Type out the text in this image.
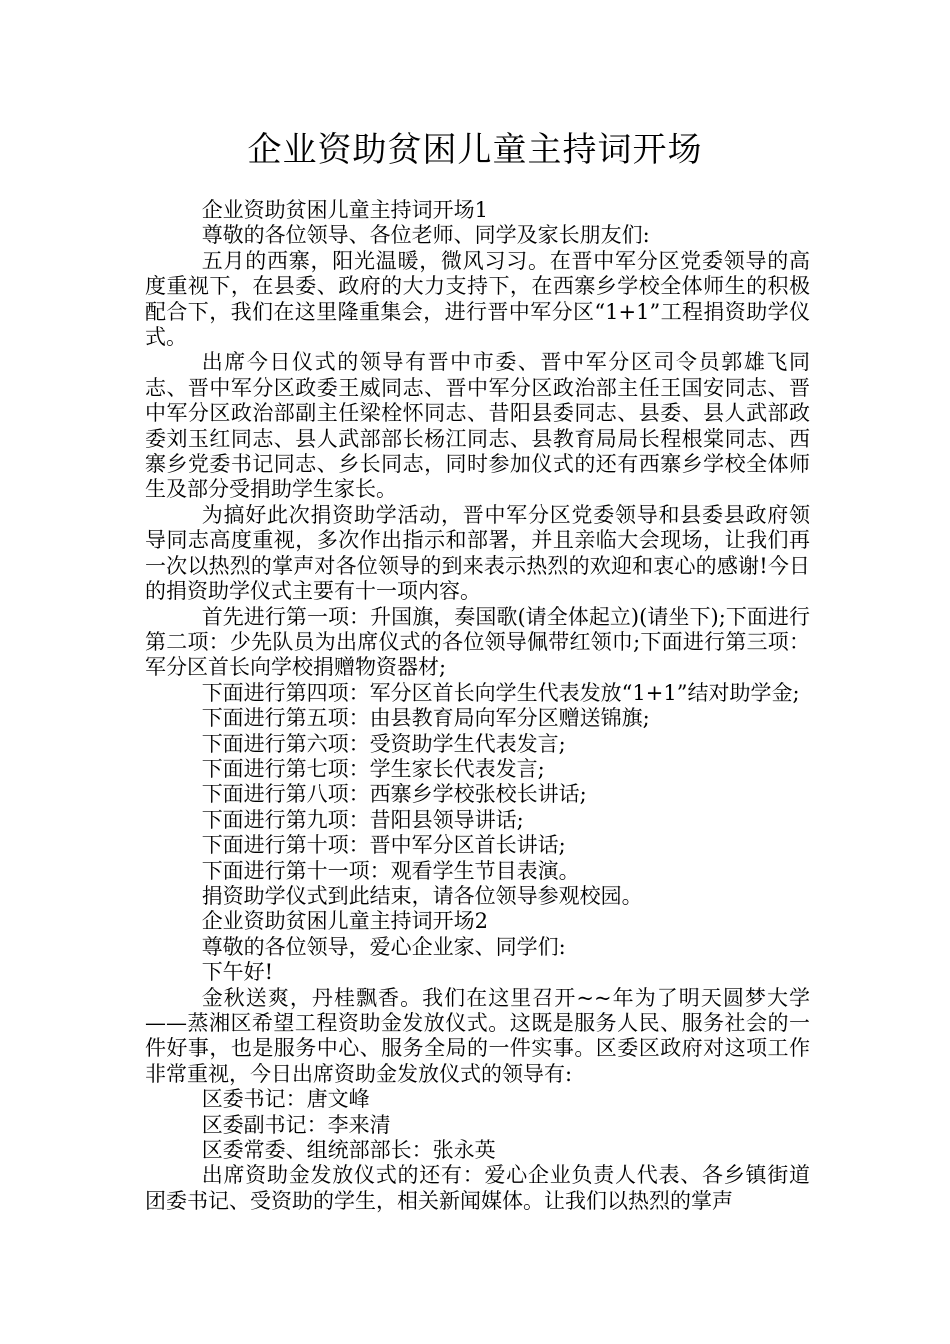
企业资助贫困儿童主持词开场

企业资助贫困儿童主持词开场1

尊敬的各位领导、各位老师、同学及家长朋友们:

五月的西寨，阳光温暖，微风习习。在晋中军分区党委领导的高度重视下，在县委、政府的大力支持下，在西寨乡学校全体师生的积极配合下，我们在这里隆重集会，进行晋中军分区“1+1”工程捐资助学仪式。

出席今日仪式的领导有晋中市委、晋中军分区司令员郭雄飞同志、晋中军分区政委王威同志、晋中军分区政治部主任王国安同志、晋中军分区政治部副主任梁栓怀同志、昔阳县委同志、县委、县人武部政委刘玉红同志、县人武部部长杨江同志、县教育局局长程根棠同志、西寨乡党委书记同志、乡长同志，同时参加仪式的还有西寨乡学校全体师生及部分受捐助学生家长。

为搞好此次捐资助学活动，晋中军分区党委领导和县委县政府领导同志高度重视，多次作出指示和部署，并且亲临大会现场，让我们再一次以热烈的掌声对各位领导的到来表示热烈的欢迎和衷心的感谢!今日的捐资助学仪式主要有十一项内容。

首先进行第一项：升国旗，奏国歌(请全体起立)(请坐下);下面进行第二项：少先队员为出席仪式的各位领导佩带红领巾;下面进行第三项：军分区首长向学校捐赠物资器材;

下面进行第四项：军分区首长向学生代表发放“1+1”结对助学金;

下面进行第五项：由县教育局向军分区赠送锦旗;

下面进行第六项：受资助学生代表发言;

下面进行第七项：学生家长代表发言;

下面进行第八项：西寨乡学校张校长讲话;

下面进行第九项：昔阳县领导讲话;

下面进行第十项：晋中军分区首长讲话;

下面进行第十一项：观看学生节目表演。

捐资助学仪式到此结束，请各位领导参观校园。

企业资助贫困儿童主持词开场2

尊敬的各位领导，爱心企业家、同学们:

下午好!

金秋送爽，丹桂飘香。我们在这里召开~~年为了明天圆梦大学——蒸湘区希望工程资助金发放仪式。这既是服务人民、服务社会的一件好事，也是服务中心、服务全局的一件实事。区委区政府对这项工作非常重视，今日出席资助金发放仪式的领导有:

区委书记：唐文峰

区委副书记：李来清

区委常委、组统部部长：张永英

出席资助金发放仪式的还有：爱心企业负责人代表、各乡镇街道团委书记、受资助的学生，相关新闻媒体。让我们以热烈的掌声
